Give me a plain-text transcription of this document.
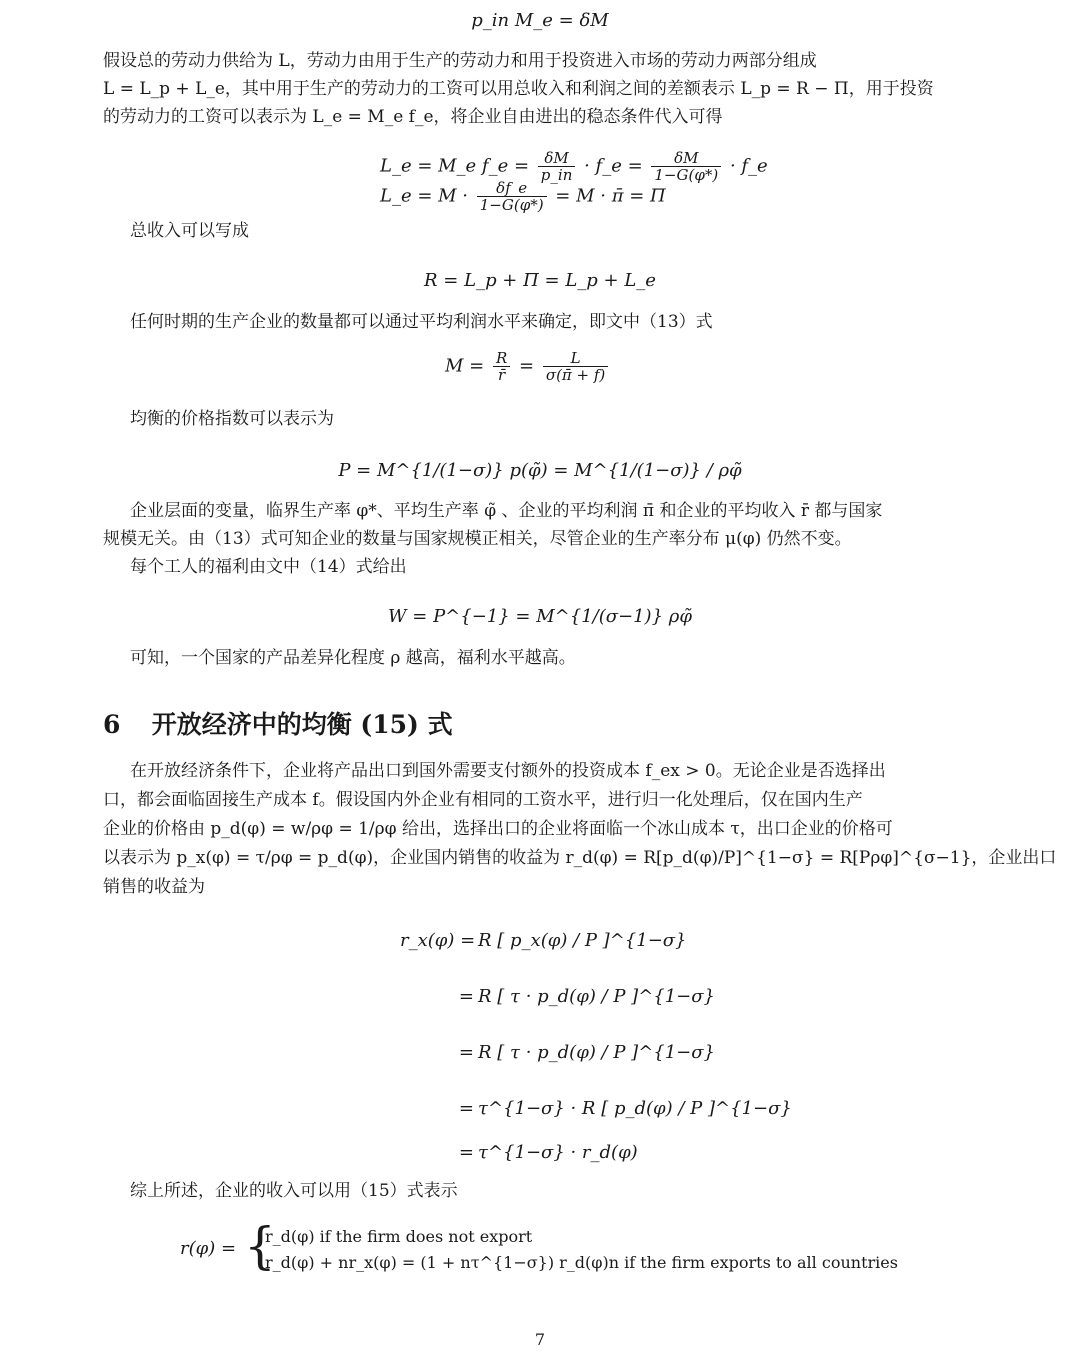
p_in M_e = δM
假设总的劳动力供给为 L，劳动力由用于生产的劳动力和用于投资进入市场的劳动力两部分组成
L = L_p + L_e，其中用于生产的劳动力的工资可以用总收入和利润之间的差额表示 L_p = R − Π，用于投资
的劳动力的工资可以表示为 L_e = M_e f_e，将企业自由进出的稳态条件代入可得
L_e = M_e f_e = $\frac{\delta M}{p\_in}$ · f_e = $\frac{\delta M}{1-G(\varphi*)}$ · f_e
L_e = $M \cdot \frac{\delta f\_e}{1-G(\varphi*)} = M$ · π̄ = Π
总收入可以写成
R = L_p + Π = L_p + L_e
任何时期的生产企业的数量都可以通过平均利润水平来确定，即文中（13）式
$M = \frac{R}{r̄} = \frac{L}{\sigma(\pī + f)}$
均衡的价格指数可以表示为
P = M^{1/(1−σ)} p(φ̃) = M^{1/(1−σ)} / ρφ̃
企业层面的变量，临界生产率 φ*、平均生产率 φ̃ 、企业的平均利润 π̄ 和企业的平均收入 r̄ 都与国家
规模无关。由（13）式可知企业的数量与国家规模正相关，尽管企业的生产率分布 μ(φ) 仍然不变。
每个工人的福利由文中（14）式给出
W = P^{−1} = M^{1/(σ−1)} ρφ̃
可知，一个国家的产品差异化程度 ρ 越高，福利水平越高。
6 开放经济中的均衡 (15) 式
在开放经济条件下，企业将产品出口到国外需要支付额外的投资成本 f_ex > 0。无论企业是否选择出
口，都会面临固接生产成本 f。假设国内外企业有相同的工资水平，进行归一化处理后，仅在国内生产
企业的价格由 p_d(φ) = w/ρφ = 1/ρφ 给出，选择出口的企业将面临一个冰山成本 τ，出口企业的价格可
以表示为 p_x(φ) = τ/ρφ = p_d(φ)，企业国内销售的收益为 r_d(φ) = R[p_d(φ)/P]^{1−σ} = R[Pρφ]^{σ−1}，企业出口
销售的收益为
r_x(φ) = R [ p_x(φ) / P ]^{1−σ}
= R [ τ · p_d(φ) / P ]^{1−σ}
= R [ τ · p_d(φ) / P ]^{1−σ}
= τ^{1−σ} · R [ p_d(φ) / P ]^{1−σ}
= τ^{1−σ} · r_d(φ)
综上所述，企业的收入可以用（15）式表示
r(φ) = {
r_d(φ) if the firm does not export
r_d(φ) + nr_x(φ) = (1 + nτ^{1−σ}) r_d(φ)n if the firm exports to all countries
7
